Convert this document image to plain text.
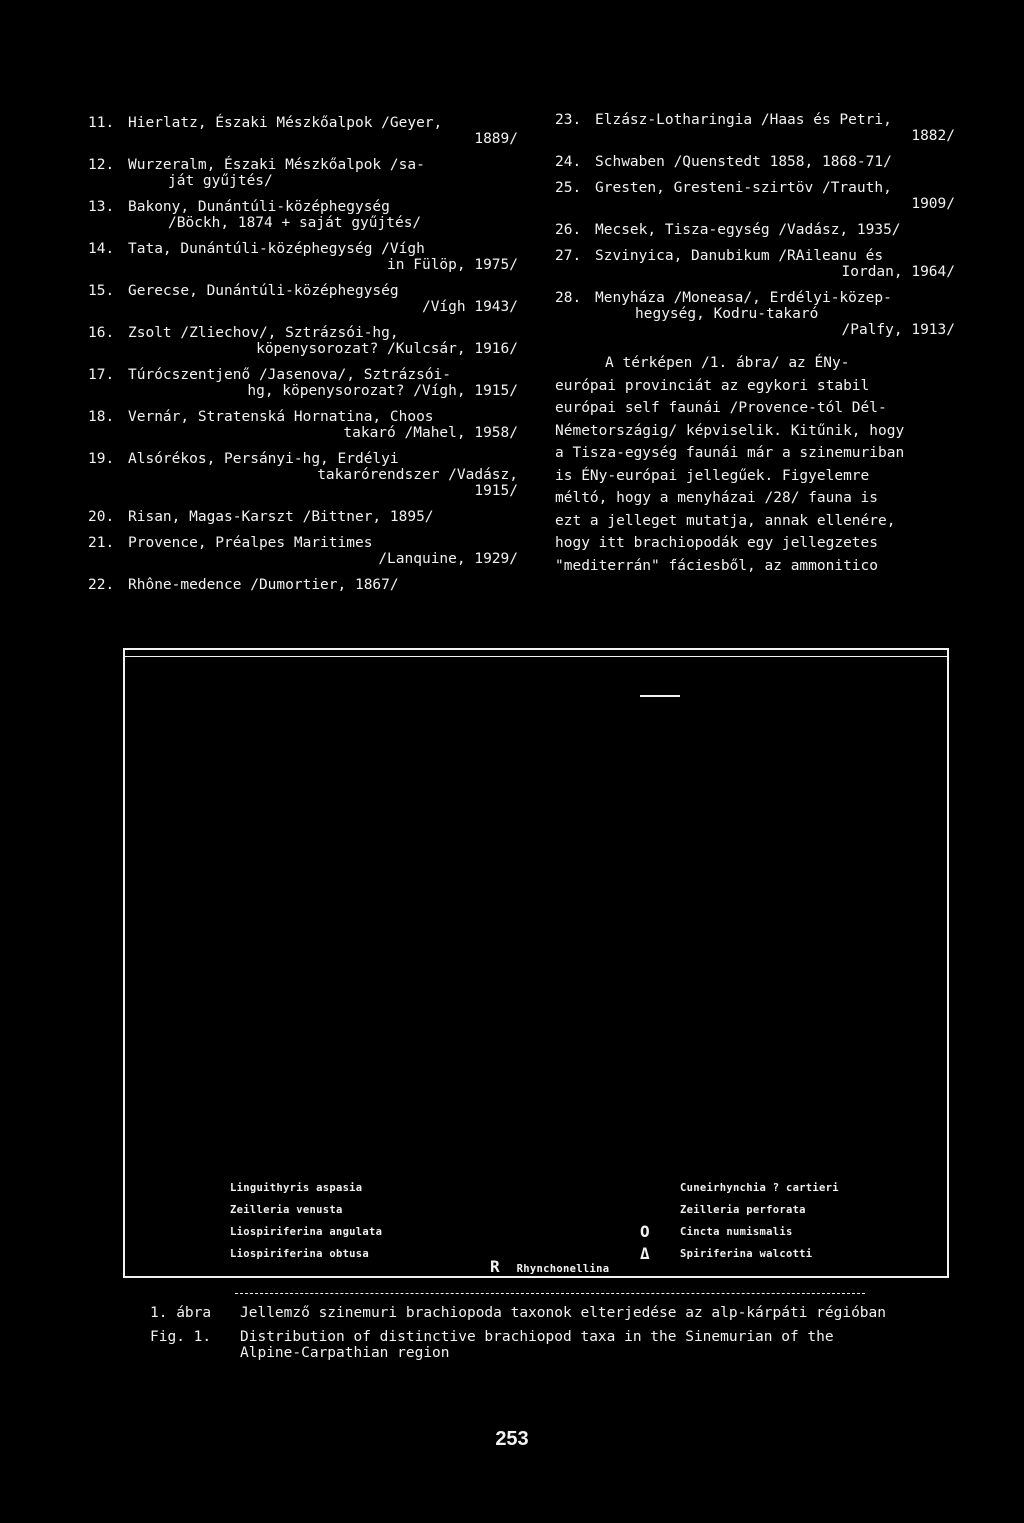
11. Hierlatz, Északi Mészkőalpok /Geyer,
1889/
12. Wurzeralm, Északi Mészkőalpok /sa-
ját gyűjtés/
13. Bakony, Dunántúli-középhegység
/Böckh, 1874 + saját gyűjtés/
14. Tata, Dunántúli-középhegység /Vígh
in Fülöp, 1975/
15. Gerecse, Dunántúli-középhegység
/Vígh 1943/
16. Zsolt /Zliechov/, Sztrázsói-hg,
köpenysorozat? /Kulcsár, 1916/
17. Túrócszentjenő /Jasenova/, Sztrázsói-
hg, köpenysorozat? /Vígh, 1915/
18. Vernár, Stratenská Hornatina, Choos
takaró /Mahel, 1958/
19. Alsórékos, Persányi-hg, Erdélyi
takarórendszer /Vadász,
1915/
20. Risan, Magas-Karszt /Bittner, 1895/
21. Provence, Préalpes Maritimes
/Lanquine, 1929/
22. Rhône-medence /Dumortier, 1867/
23. Elzász-Lotharingia /Haas és Petri,
1882/
24. Schwaben /Quenstedt 1858, 1868-71/
25. Gresten, Gresteni-szirtöv /Trauth,
1909/
26. Mecsek, Tisza-egység /Vadász, 1935/
27. Szvinyica, Danubikum /RAileanu és
Iordan, 1964/
28. Menyháza /Moneasa/, Erdélyi-közep-
hegység, Kodru-takaró
/Palfy, 1913/
A térképen /1. ábra/ az ÉNy-
európai provinciát az egykori stabil
európai self faunái /Provence-tól Dél-
Németországig/ képviselik. Kitűnik, hogy
a Tisza-egység faunái már a szinemuriban
is ÉNy-európai jellegűek. Figyelemre
méltó, hogy a menyházai /28/ fauna is
ezt a jelleget mutatja, annak ellenére,
hogy itt brachiopodák egy jellegzetes
"mediterrán" fáciesből, az ammonitico
Linguithyris aspasia
Zeilleria venusta
Liospiriferina angulata
Liospiriferina obtusa
Cuneirhynchia ? cartieri
Zeilleria perforata
O	Cincta numismalis
Δ	Spiriferina walcotti
R Rhynchonellina
1. ábra	Jellemző szinemuri brachiopoda taxonok elterjedése az alp-kárpáti régióban
Fig. 1.	Distribution of distinctive brachiopod taxa in the Sinemurian of the Alpine-Carpathian region
253
